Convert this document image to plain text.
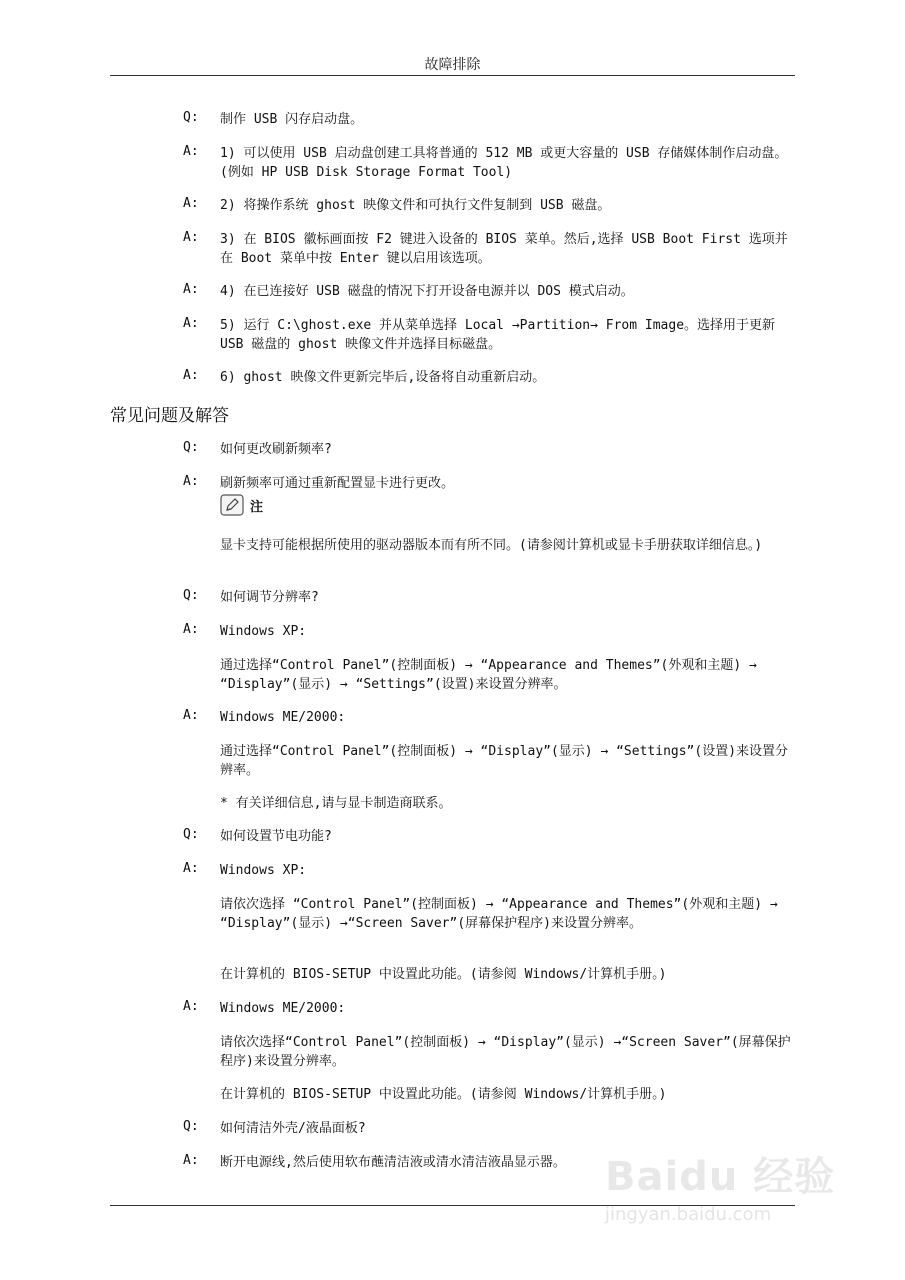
故障排除
Q:	制作 USB 闪存启动盘。
A:	1) 可以使用 USB 启动盘创建工具将普通的 512 MB 或更大容量的 USB 存储媒体制作启动盘。(例如 HP USB Disk Storage Format Tool)
A:	2) 将操作系统 ghost 映像文件和可执行文件复制到 USB 磁盘。
A:	3) 在 BIOS 徽标画面按 F2 键进入设备的 BIOS 菜单。然后,选择 USB Boot First 选项并在 Boot 菜单中按 Enter 键以启用该选项。
A:	4) 在已连接好 USB 磁盘的情况下打开设备电源并以 DOS 模式启动。
A:	5) 运行 C:\ghost.exe 并从菜单选择 Local →Partition→ From Image。选择用于更新 USB 磁盘的 ghost 映像文件并选择目标磁盘。
A:	6) ghost 映像文件更新完毕后,设备将自动重新启动。
常见问题及解答
Q:	如何更改刷新频率?
A:	刷新频率可通过重新配置显卡进行更改。
注
显卡支持可能根据所使用的驱动器版本而有所不同。(请参阅计算机或显卡手册获取详细信息。)
Q:	如何调节分辨率?
A:	Windows XP:
通过选择“Control Panel”(控制面板) → “Appearance and Themes”(外观和主题) → “Display”(显示) → “Settings”(设置)来设置分辨率。
A:	Windows ME/2000:
通过选择“Control Panel”(控制面板) → “Display”(显示) → “Settings”(设置)来设置分辨率。
* 有关详细信息,请与显卡制造商联系。
Q:	如何设置节电功能?
A:	Windows XP:
请依次选择 “Control Panel”(控制面板) → “Appearance and Themes”(外观和主题) → “Display”(显示) →“Screen Saver”(屏幕保护程序)来设置分辨率。
在计算机的 BIOS-SETUP 中设置此功能。(请参阅 Windows/计算机手册。)
A:	Windows ME/2000:
请依次选择“Control Panel”(控制面板) → “Display”(显示) →“Screen Saver”(屏幕保护程序)来设置分辨率。
在计算机的 BIOS-SETUP 中设置此功能。(请参阅 Windows/计算机手册。)
Q:	如何清洁外壳/液晶面板?
A:	断开电源线,然后使用软布蘸清洁液或清水清洁液晶显示器。 Baidu 经验
jingyan.baidu.com
